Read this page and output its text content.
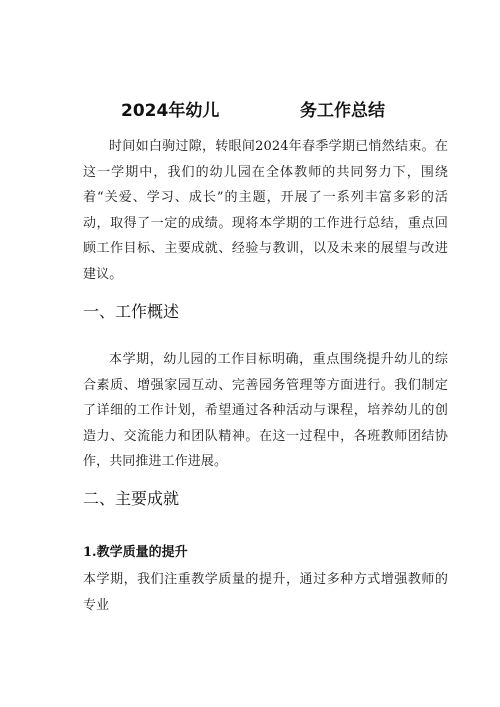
2024年幼儿	务工作总结
时间如白驹过隙，转眼间2024年春季学期已悄然结束。在这一学期中，我们的幼儿园在全体教师的共同努力下，围绕着“关爱、学习、成长”的主题，开展了一系列丰富多彩的活动，取得了一定的成绩。现将本学期的工作进行总结，重点回顾工作目标、主要成就、经验与教训，以及未来的展望与改进建议。
一、工作概述
本学期，幼儿园的工作目标明确，重点围绕提升幼儿的综合素质、增强家园互动、完善园务管理等方面进行。我们制定了详细的工作计划，希望通过各种活动与课程，培养幼儿的创造力、交流能力和团队精神。在这一过程中，各班教师团结协作，共同推进工作进展。
二、主要成就
1.教学质量的提升
本学期，我们注重教学质量的提升，通过多种方式增强教师的专业
